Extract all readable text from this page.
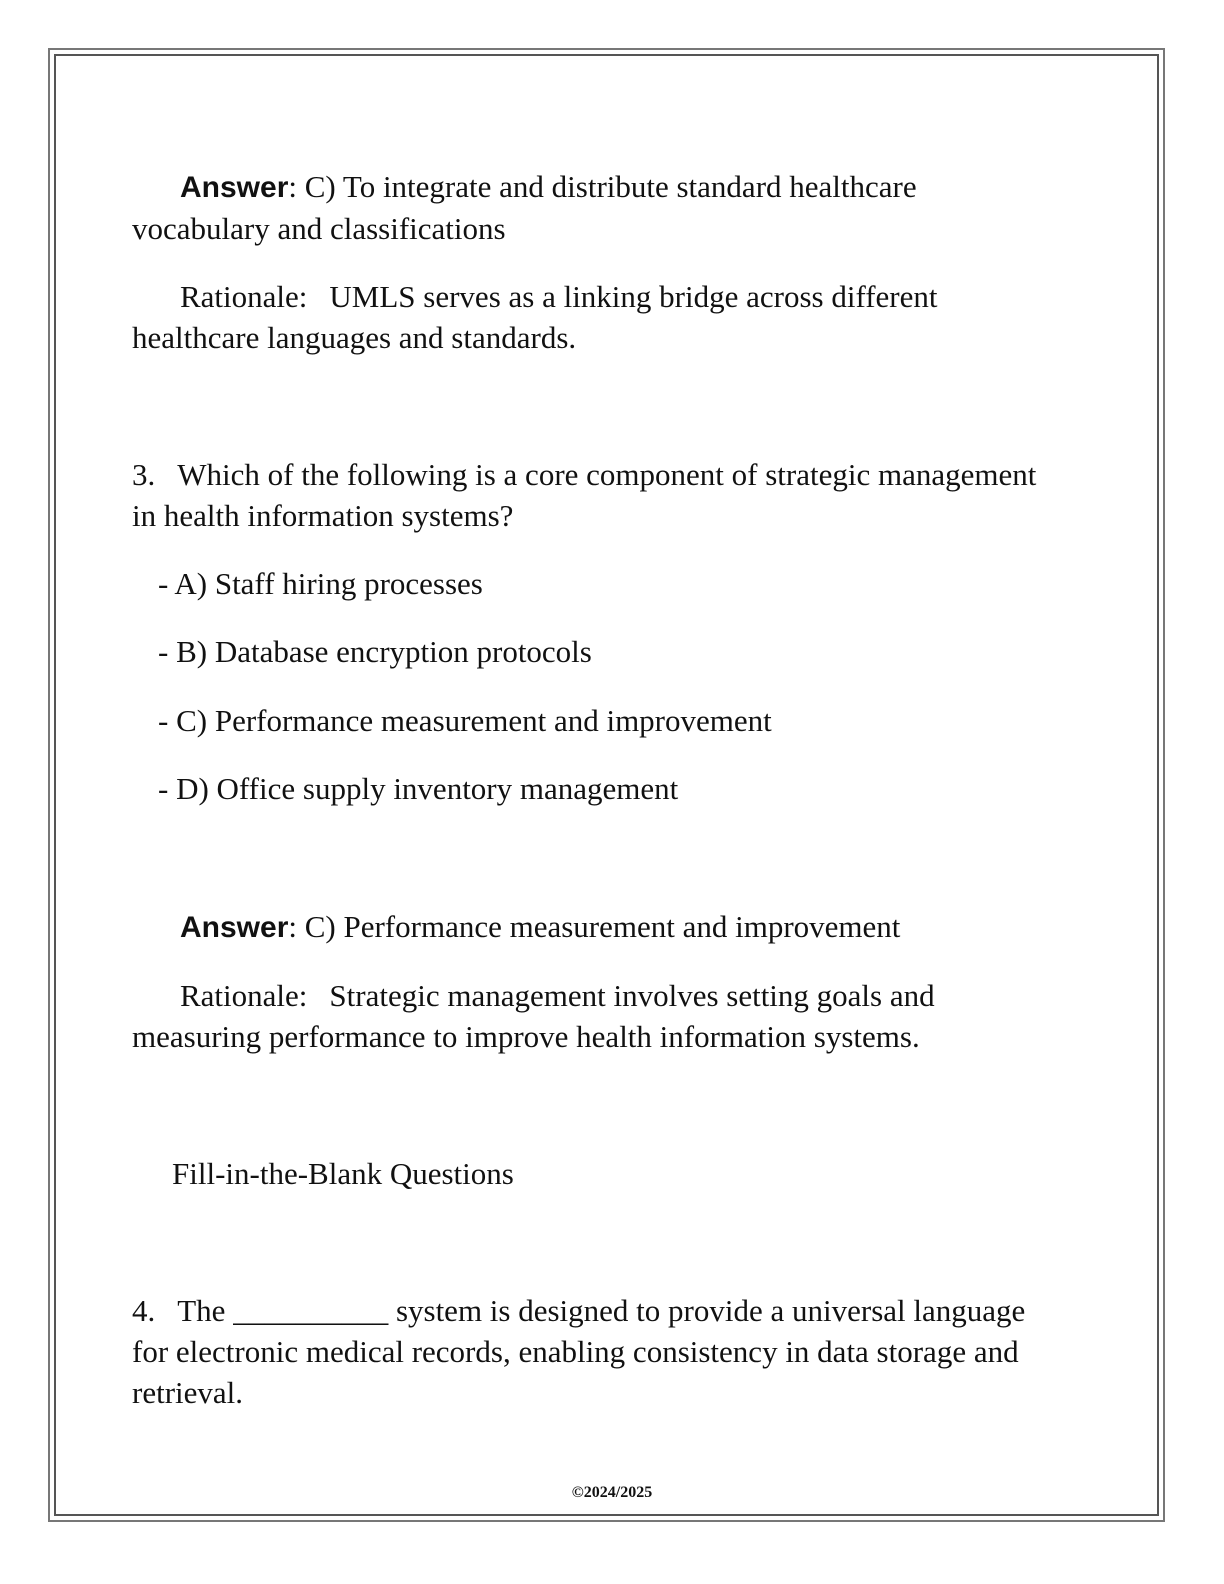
Answer: C) To integrate and distribute standard healthcare vocabulary and classifications
Rationale: UMLS serves as a linking bridge across different healthcare languages and standards.
3. Which of the following is a core component of strategic management in health information systems?
- A) Staff hiring processes
- B) Database encryption protocols
- C) Performance measurement and improvement
- D) Office supply inventory management
Answer: C) Performance measurement and improvement
Rationale: Strategic management involves setting goals and measuring performance to improve health information systems.
Fill-in-the-Blank Questions
4. The __________ system is designed to provide a universal language for electronic medical records, enabling consistency in data storage and retrieval.
©2024/2025
